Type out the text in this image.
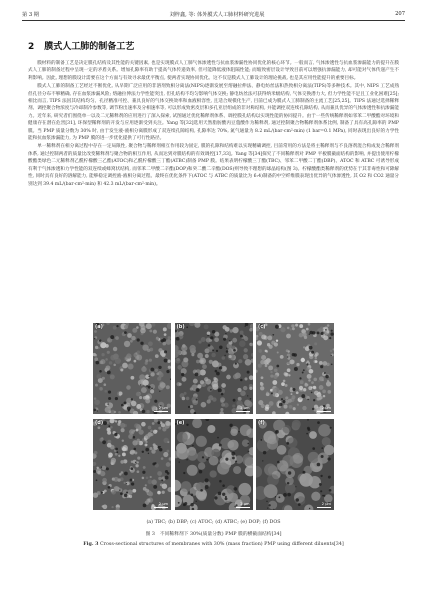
第 3 期	刘梓鑫, 等: 体外膜式人工肺材料研究进展	207
2 膜式人工肺的制备工艺

膜材料的制备工艺是决定膜孔结构及其性能的关键因素, 也是实现膜式人工肺气体渗透性与抗血浆渗漏性协同优化的核心环节。一般而言, 气体渗透性与抗血浆渗漏能力的提升在膜式人工肺的制备过程中呈现一定的矛盾关系。增加孔隙率有助于提高气体传递效率, 但可能降低液体阻隔性能; 而缩致密层设计导致目前可以增强抗渗漏能力, 却可能对气体传递产生不利影响。因此, 理想的膜设计需要在这个方面与有效寻求最优平衡点, 使两者实现协同优化。这不仅是膜式人工肺设计的理论挑战, 也是其应用性能提升的重要目标。

膜式人工肺的制备工艺经过不断优化, 从早期广泛应用的非溶剂致相分离法(NIPS)逐渐发展至熔融拉伸法、静电纺丝法和热致相分离法(TIPS)等多种技术。其中, NIPS 工艺成熟但孔径分布不够精确, 存在血浆渗漏风险; 熔融拉伸法力学性能突出, 但孔结构不均匀影响气体交换; 静电纺丝法可获得纳米级结构, 气体交换潜力大, 但力学性能不足且工业化困难[25]; 相比而言, TIPS 法因其结构均匀、孔径精准可控、兼具良好的气体交换效率和血液相容性, 且适合规模化生产, 目前已成为膜式人工肺制备的主流工艺[25,25]。TIPS 法通过选择稀释剂、调控聚合物浓度与冷却制冷参数等, 调节粉出速率及分相速率等, 可以形成致密皮层和多孔亚层组成的非对称结构, 并能调控双连续孔隙结构, 从而兼具优异的气体渗透性和抗渗漏能力。近年来, 研究者们围绕单一以及二元稀释剂的应用进行了深入探索, 试图通过优化稀释剂体系、调控膜孔结构以实现性能的协同提升。由于一些传统稀释剂如邻苯二甲酸酯对环境和健康存在潜在危害[31], 环保型稀释剂的开发与应用逐渐受到关注。Yang 等[32]选用天然脂肪酸丙豆蔻酸作为稀释剂, 通过控制聚合物稀释剂体系比例, 制备了具有高孔隙率的 PMP 膜。当 PMP 质量分数为 30% 时, 由于发生液-液相分离膜形成了双连续孔隙结构, 孔隙率达 70%, 氮气通量为 8.2 mL/(bar·cm²·min) (1 bar=0.1 MPa), 同时表现出良好的力学性能和抗血浆渗漏能力, 为 PMP 膜的进一步优化提供了可行性路径。

单一稀释剂在相分离过程中存在一定局限性, 聚合物与稀释剂相互作用较为固定, 膜的孔隙和结构难以实现精确调控, 目前常用的方法是将主稀释剂与不良溶剂混合构成复合稀释剂体系, 通过控制两者的质量比改变稀释剂与聚合物的相互作用, 从而达到对膜结构的有效调控[17,33]。Yang 等[34]探究了不同稀释剂对 PMP 平板膜截面结构的影响, 并提出使用柠檬酸酯类绿色二元稀释剂乙酰柠檬酸三乙酯(ATOC)和乙酰柠檬酸三丁酯(ATBC)制备 PMP 膜。结果表明柠檬酸三丁酯(TBC)、邻苯二甲酸二丁酯(DBP)、ATOC 和 ATBC 可诱导形成有利于气体渗透和力学性能的双连续或蜂窝状结构, 而邻苯二甲酸二辛酯(DOP)和癸二酸二辛酯(DOS)则导致不理想的球晶结构(图 3)。柠檬酸酯类稀释剂的优势在于其非毒性和可降解性, 同时具有良好的溶解能力, 能够稳定调控液-液相分离过程。最终在优化条件下(ATOC 与 ATBC 的质量比为 6:4)制备的中空纤维膜表现出优异的气体渗透性, 其 O2 和 CO2 通量分别达到 39.4 mL/(bar·cm²·min) 和 42.3 mL/(bar·cm²·min)。

(a)
2 μm
(b)
2 μm
(c)
2 μm
(d)
2 μm
(e)
2 μm
(f)
2 μm
(a) TBC; (b) DBP; (c) ATOC; (d) ATBC; (e) DOP; (f) DOS
图 3　不同稀释剂下 30%(质量分数) PMP 膜的横截面结构[34]
Fig. 3 Cross-sectional structures of membranes with 30% (mass fraction) PMP using different diluents[34]
